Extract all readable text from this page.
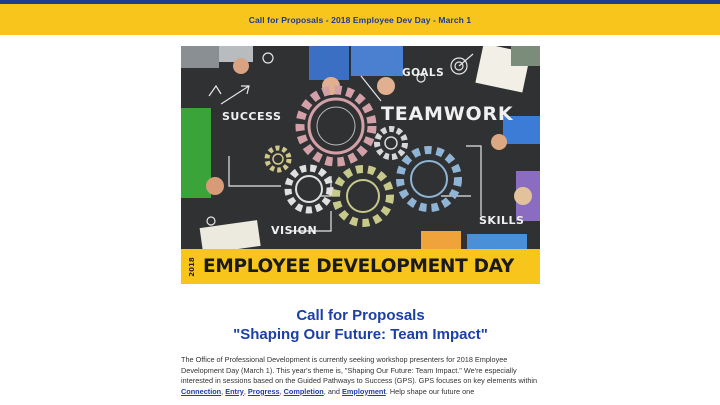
Call for Proposals - 2018 Employee Dev Day - March 1
GOALS
TEAMWORK
SUCCESS
VISION
SKILLS
2018 EMPLOYEE DEVELOPMENT DAY
Call for Proposals
"Shaping Our Future: Team Impact"

The Office of Professional Development is currently seeking workshop presenters for 2018 Employee Development Day (March 1). This year's theme is, "Shaping Our Future: Team Impact." We're especially interested in sessions based on the Guided Pathways to Success (GPS). GPS focuses on key elements within Connection, Entry, Progress, Completion, and Employment. Help shape our future one
